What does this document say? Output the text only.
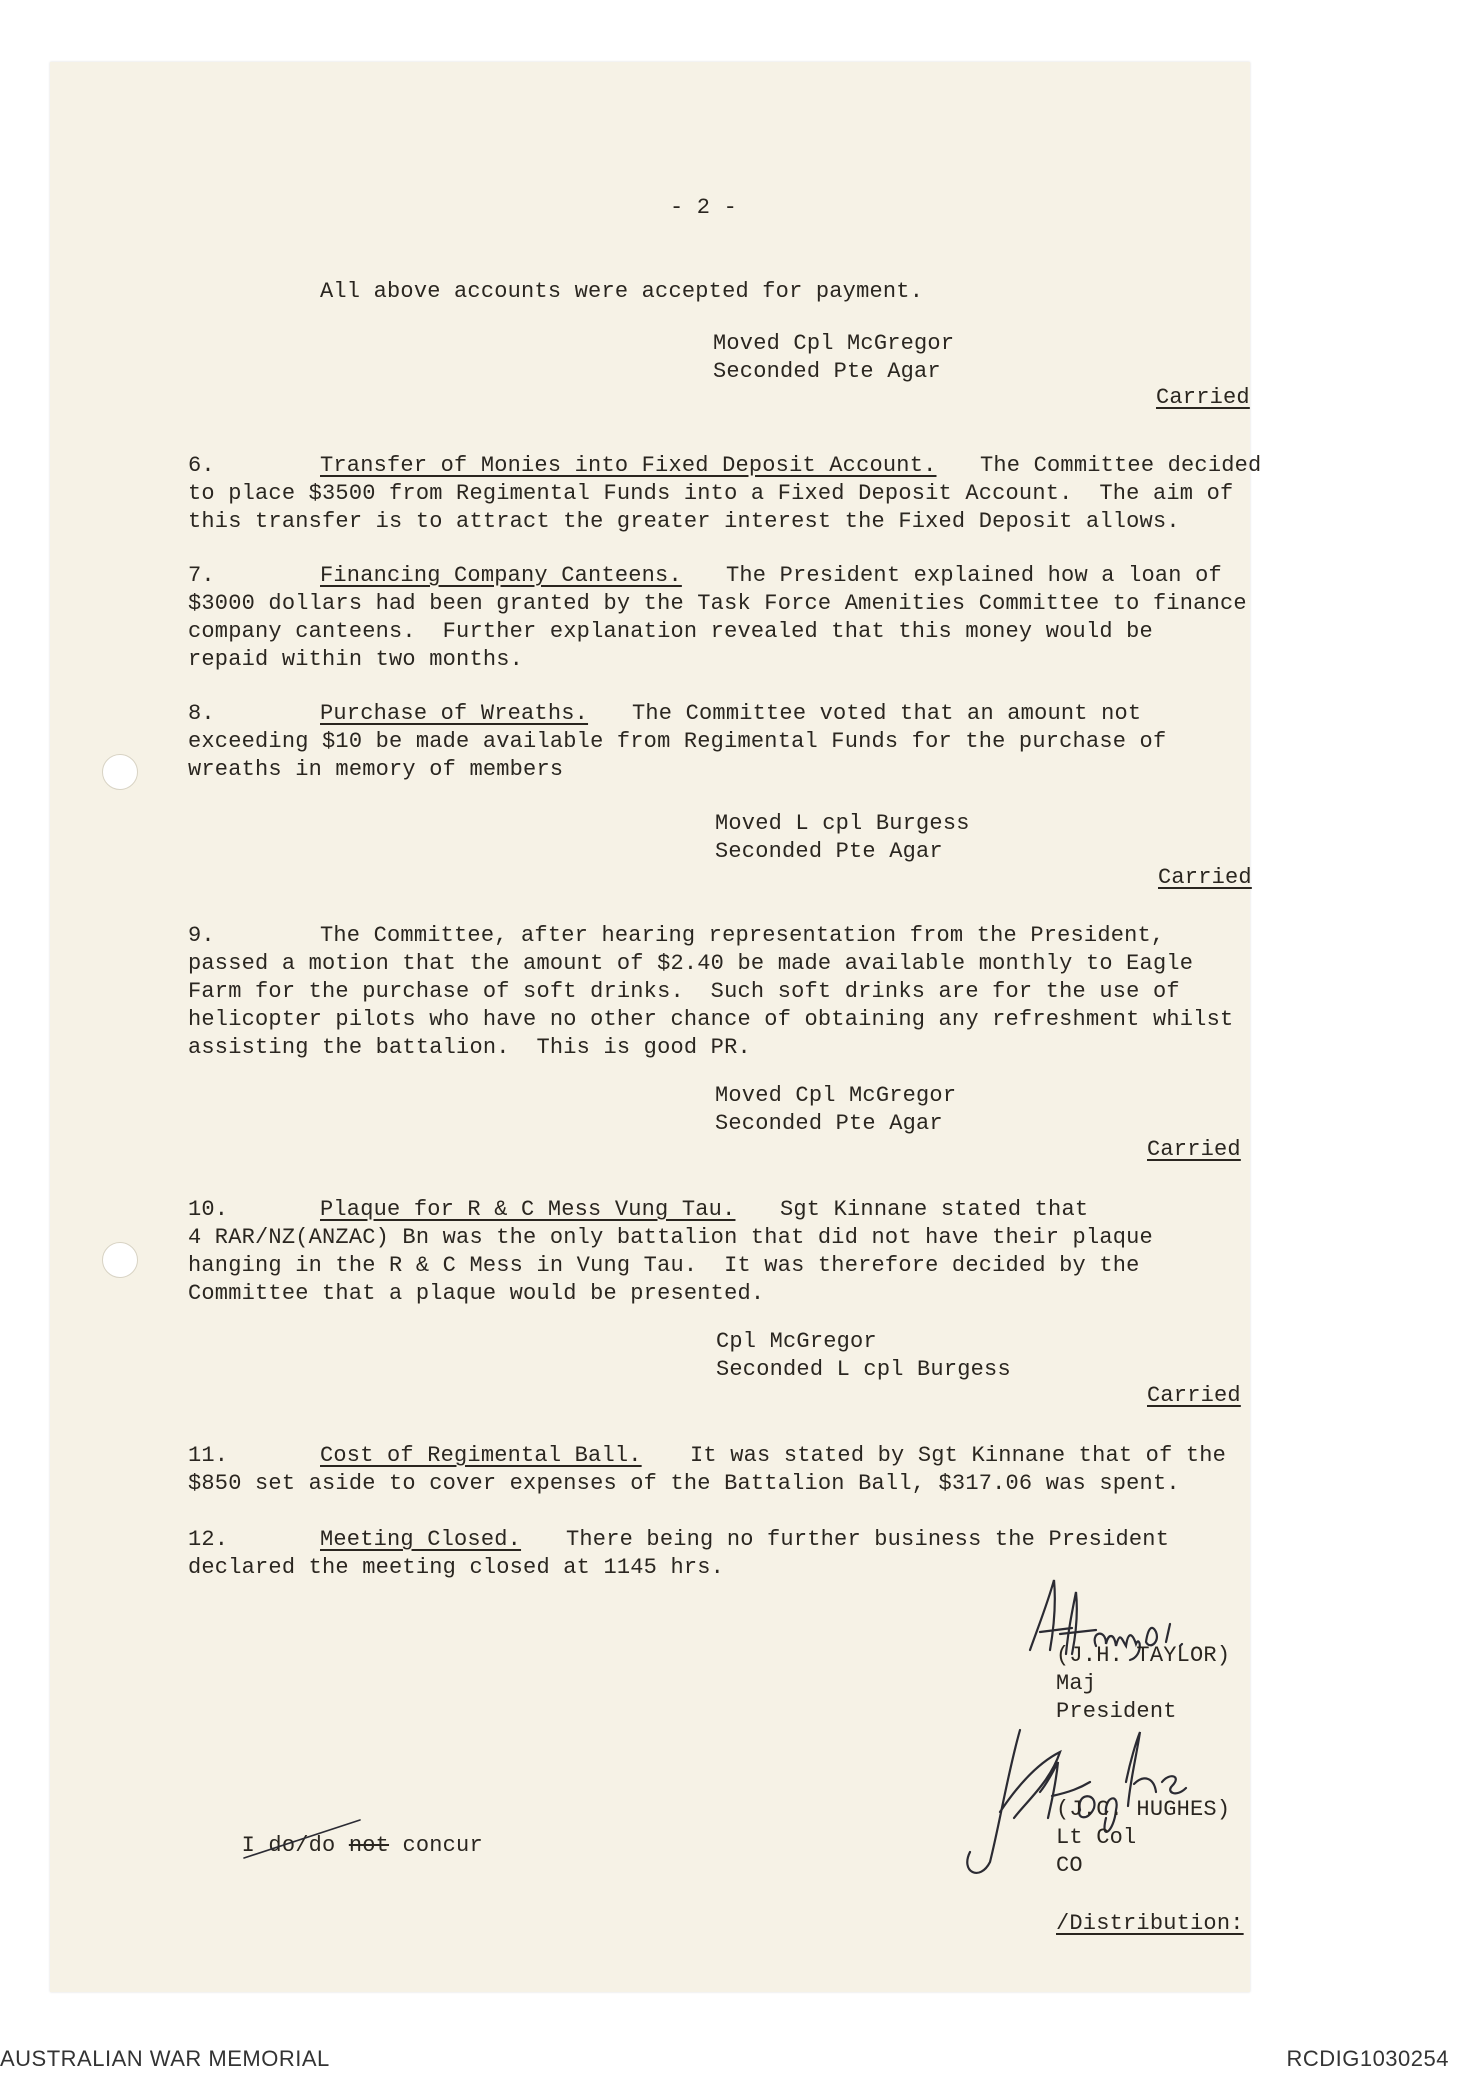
- 2 -
All above accounts were accepted for payment.
Moved Cpl McGregor
Seconded Pte Agar
Carried
6.	Transfer of Monies into Fixed Deposit Account. The Committee decided
to place $3500 from Regimental Funds into a Fixed Deposit Account.  The aim of
this transfer is to attract the greater interest the Fixed Deposit allows.
7.	Financing Company Canteens. The President explained how a loan of
$3000 dollars had been granted by the Task Force Amenities Committee to finance
company canteens.  Further explanation revealed that this money would be
repaid within two months.
8.	Purchase of Wreaths. The Committee voted that an amount not
exceeding $10 be made available from Regimental Funds for the purchase of
wreaths in memory of members
Moved L cpl Burgess
Seconded Pte Agar
Carried
9.	The Committee, after hearing representation from the President,
passed a motion that the amount of $2.40 be made available monthly to Eagle
Farm for the purchase of soft drinks.  Such soft drinks are for the use of
helicopter pilots who have no other chance of obtaining any refreshment whilst
assisting the battalion.  This is good PR.
Moved Cpl McGregor
Seconded Pte Agar
Carried
10.	Plaque for R & C Mess Vung Tau. Sgt Kinnane stated that
4 RAR/NZ(ANZAC) Bn was the only battalion that did not have their plaque
hanging in the R & C Mess in Vung Tau.  It was therefore decided by the
Committee that a plaque would be presented.
Cpl McGregor
Seconded L cpl Burgess
Carried
11.	Cost of Regimental Ball. It was stated by Sgt Kinnane that of the
$850 set aside to cover expenses of the Battalion Ball, $317.06 was spent.
12.	Meeting Closed. There being no further business the President
declared the meeting closed at 1145 hrs.
(J.H. TAYLOR)
Maj
President

I do/do not concur

(J.C. HUGHES)
Lt Col
CO
/Distribution:
AUSTRALIAN WAR MEMORIAL	RCDIG1030254
